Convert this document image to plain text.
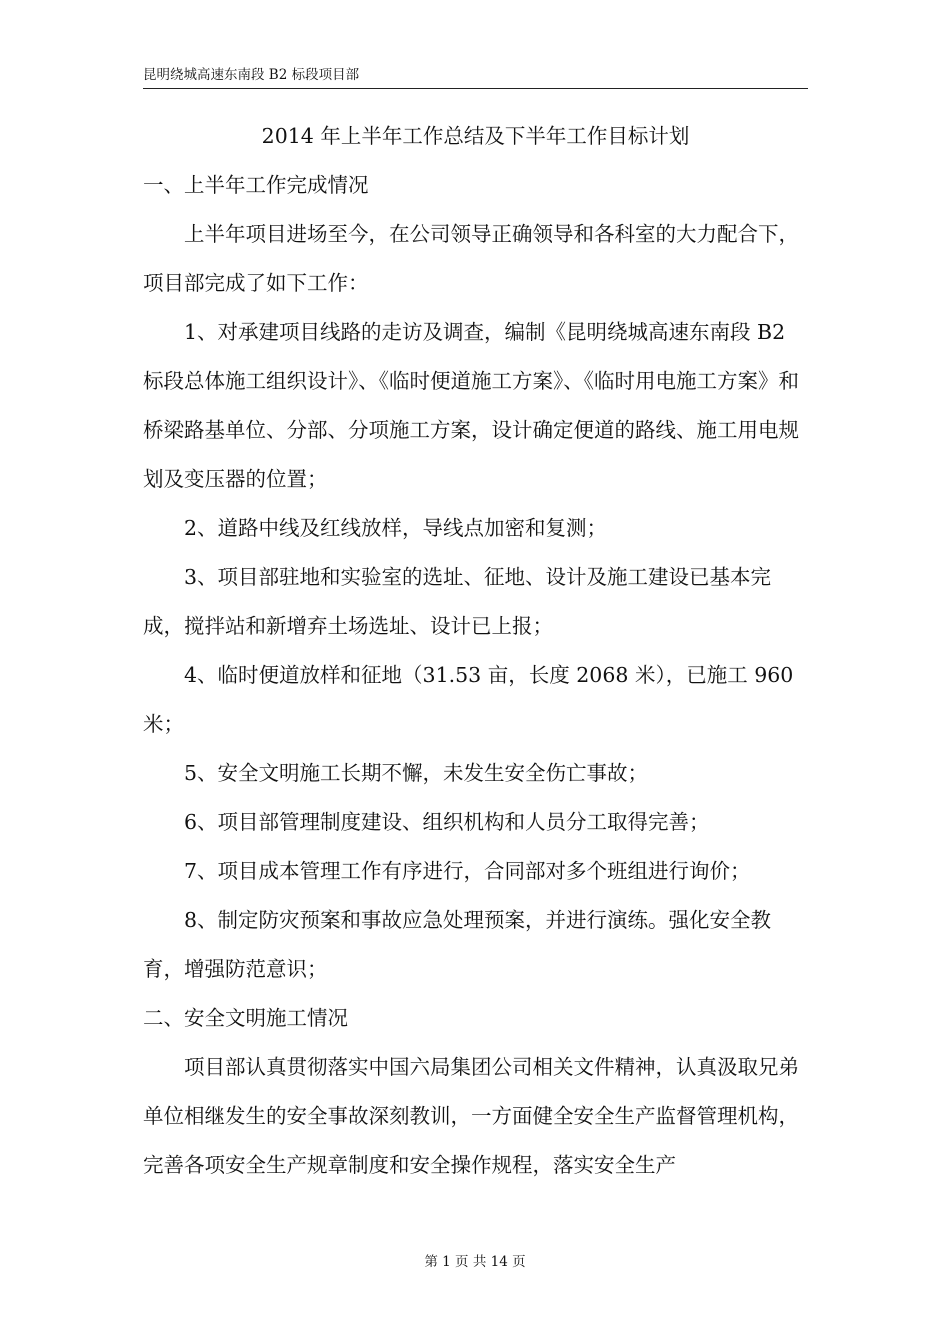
昆明绕城高速东南段 B2 标段项目部
2014 年上半年工作总结及下半年工作目标计划

一、上半年工作完成情况

上半年项目进场至今，在公司领导正确领导和各科室的大力配合下，项目部完成了如下工作：

1、对承建项目线路的走访及调查，编制《昆明绕城高速东南段 B2 标段总体施工组织设计》、《临时便道施工方案》、《临时用电施工方案》和桥梁路基单位、分部、分项施工方案，设计确定便道的路线、施工用电规划及变压器的位置；

2、道路中线及红线放样，导线点加密和复测；

3、项目部驻地和实验室的选址、征地、设计及施工建设已基本完成，搅拌站和新增弃土场选址、设计已上报；

4、临时便道放样和征地（31.53 亩，长度 2068 米），已施工 960 米；

5、安全文明施工长期不懈，未发生安全伤亡事故；

6、项目部管理制度建设、组织机构和人员分工取得完善；

7、项目成本管理工作有序进行，合同部对多个班组进行询价；

8、制定防灾预案和事故应急处理预案，并进行演练。强化安全教育，增强防范意识；

二、安全文明施工情况

项目部认真贯彻落实中国六局集团公司相关文件精神，认真汲取兄弟单位相继发生的安全事故深刻教训，一方面健全安全生产监督管理机构，完善各项安全生产规章制度和安全操作规程，落实安全生产

第 1 页 共 14 页
